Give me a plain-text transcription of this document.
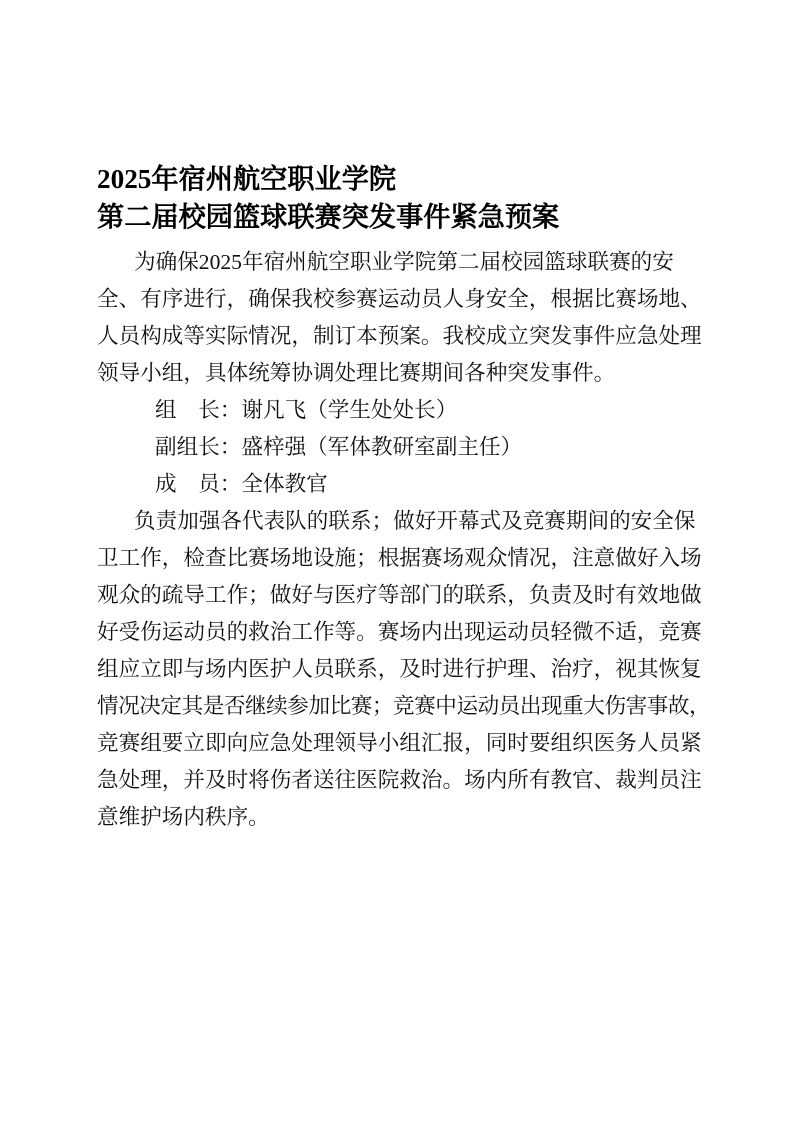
2025年宿州航空职业学院
第二届校园篮球联赛突发事件紧急预案
为确保2025年宿州航空职业学院第二届校园篮球联赛的安
全、有序进行，确保我校参赛运动员人身安全，根据比赛场地、
人员构成等实际情况，制订本预案。我校成立突发事件应急处理
领导小组，具体统筹协调处理比赛期间各种突发事件。
组　长：谢凡飞（学生处处长）
副组长：盛梓强（军体教研室副主任）
成　员：全体教官
负责加强各代表队的联系；做好开幕式及竞赛期间的安全保
卫工作，检查比赛场地设施；根据赛场观众情况，注意做好入场
观众的疏导工作；做好与医疗等部门的联系，负责及时有效地做
好受伤运动员的救治工作等。赛场内出现运动员轻微不适，竞赛
组应立即与场内医护人员联系，及时进行护理、治疗，视其恢复
情况决定其是否继续参加比赛；竞赛中运动员出现重大伤害事故，
竞赛组要立即向应急处理领导小组汇报，同时要组织医务人员紧
急处理，并及时将伤者送往医院救治。场内所有教官、裁判员注
意维护场内秩序。
